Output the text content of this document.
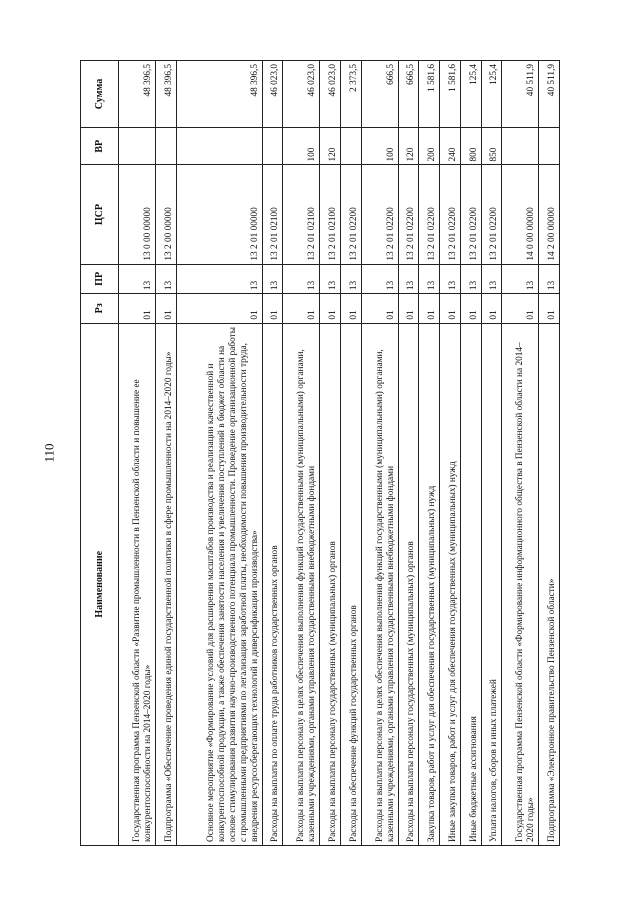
110
Наименование	Рз	ПР	ЦСР	ВР	Сумма
Государственная программа Пензенской области «Развитие промышленности в Пензенской области и повышение ее конкурентоспособности на 2014–2020 годы»	01	13	13 0 00 00000		48 396,5
Подпрограмма «Обеспечение проведения единой государственной политики в сфере промышленности на 2014–2020 годы»	01	13	13 2 00 00000		48 396,5
Основное мероприятие «Формирование условий для расширения масштабов производства и реализации качественной и конкурентоспособной продукции, а также обеспечения занятости населения и увеличения поступлений в бюджет области на основе стимулирования развития научно-производственного потенциала промышленности. Проведение организационной работы с промышленными предприятиями по легализации заработной платы, необходимости повышения производительности труда, внедрения ресурсосберегающих технологий и диверсификации производства»	01	13	13 2 01 00000		48 396,5
Расходы на выплаты по оплате труда работников государственных органов	01	13	13 2 01 02100		46 023,0
Расходы на выплаты персоналу в целях обеспечения выполнения функций государственными (муниципальными) органами, казенными учреждениями, органами управления государственными внебюджетными фондами	01	13	13 2 01 02100	100	46 023,0
Расходы на выплаты персоналу государственных (муниципальных) органов	01	13	13 2 01 02100	120	46 023,0
Расходы на обеспечение функций государственных органов	01	13	13 2 01 02200		2 373,5
Расходы на выплаты персоналу в целях обеспечения выполнения функций государственными (муниципальными) органами, казенными учреждениями, органами управления государственными внебюджетными фондами	01	13	13 2 01 02200	100	666,5
Расходы на выплаты персоналу государственных (муниципальных) органов	01	13	13 2 01 02200	120	666,5
Закупка товаров, работ и услуг для обеспечения государственных (муниципальных) нужд	01	13	13 2 01 02200	200	1 581,6
Иные закупки товаров, работ и услуг для обеспечения государственных (муниципальных) нужд	01	13	13 2 01 02200	240	1 581,6
Иные бюджетные ассигнования	01	13	13 2 01 02200	800	125,4
Уплата налогов, сборов и иных платежей	01	13	13 2 01 02200	850	125,4
Государственная программа Пензенской области «Формирование информационного общества в Пензенской области на 2014–2020 годы»	01	13	14 0 00 00000		40 511,9
Подпрограмма «Электронное правительство Пензенской области»	01	13	14 2 00 00000		40 511,9
